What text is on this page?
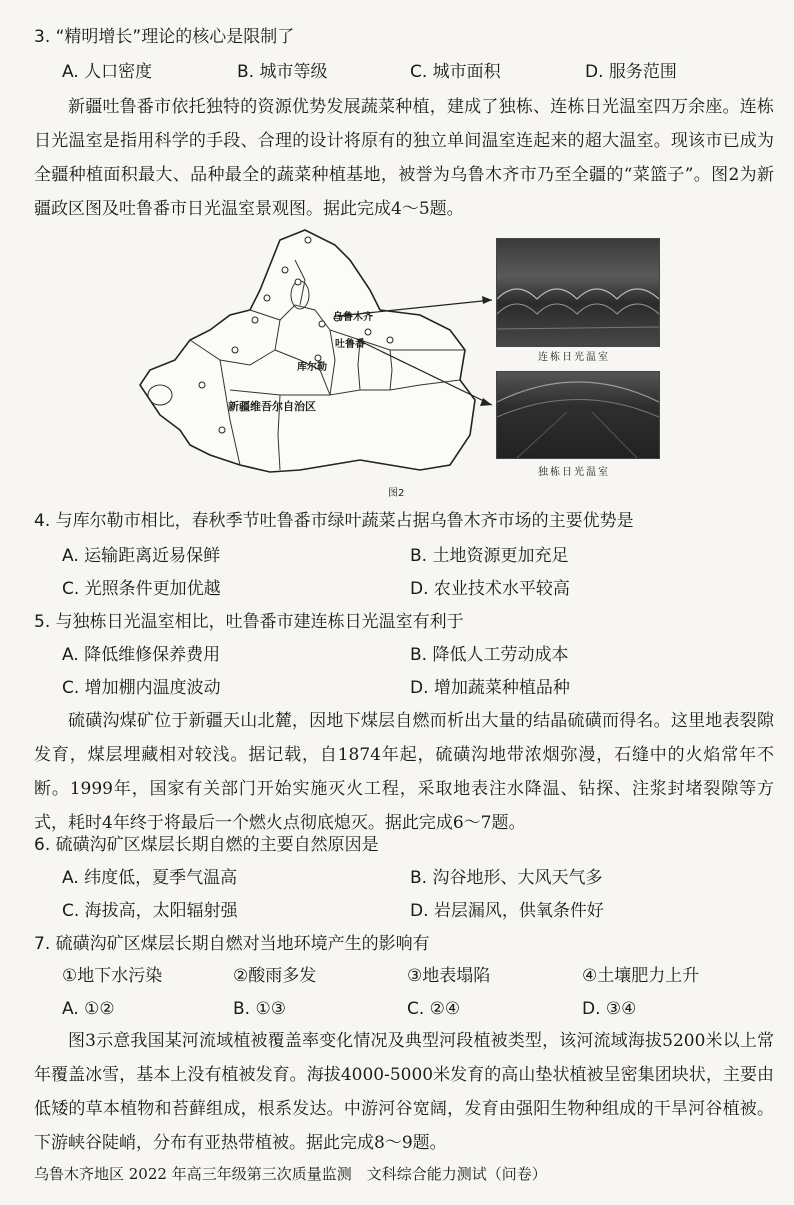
3. “精明增长”理论的核心是限制了
A. 人口密度	B. 城市等级	C. 城市面积	D. 服务范围
新疆吐鲁番市依托独特的资源优势发展蔬菜种植，建成了独栋、连栋日光温室四万余座。连栋日光温室是指用科学的手段、合理的设计将原有的独立单间温室连起来的超大温室。现该市已成为全疆种植面积最大、品种最全的蔬菜种植基地，被誉为乌鲁木齐市乃至全疆的“菜篮子”。图2为新疆政区图及吐鲁番市日光温室景观图。据此完成4～5题。
乌鲁木齐
吐鲁番
库尔勒
新疆维吾尔自治区
连栋日光温室
独栋日光温室
图2
4. 与库尔勒市相比，春秋季节吐鲁番市绿叶蔬菜占据乌鲁木齐市场的主要优势是
A. 运输距离近易保鲜	B. 土地资源更加充足
C. 光照条件更加优越	D. 农业技术水平较高
5. 与独栋日光温室相比，吐鲁番市建连栋日光温室有利于
A. 降低维修保养费用	B. 降低人工劳动成本
C. 增加棚内温度波动	D. 增加蔬菜种植品种
硫磺沟煤矿位于新疆天山北麓，因地下煤层自燃而析出大量的结晶硫磺而得名。这里地表裂隙发育，煤层埋藏相对较浅。据记载，自1874年起，硫磺沟地带浓烟弥漫，石缝中的火焰常年不断。1999年，国家有关部门开始实施灭火工程，采取地表注水降温、钻探、注浆封堵裂隙等方式，耗时4年终于将最后一个燃火点彻底熄灭。据此完成6～7题。
6. 硫磺沟矿区煤层长期自燃的主要自然原因是
A. 纬度低，夏季气温高	B. 沟谷地形、大风天气多
C. 海拔高，太阳辐射强	D. 岩层漏风，供氧条件好
7. 硫磺沟矿区煤层长期自燃对当地环境产生的影响有
①地下水污染	②酸雨多发	③地表塌陷	④土壤肥力上升
A. ①②	B. ①③	C. ②④	D. ③④
图3示意我国某河流域植被覆盖率变化情况及典型河段植被类型，该河流域海拔5200米以上常年覆盖冰雪，基本上没有植被发育。海拔4000-5000米发育的高山垫状植被呈密集团块状，主要由低矮的草本植物和苔藓组成，根系发达。中游河谷宽阔，发育由强阳生物种组成的干旱河谷植被。下游峡谷陡峭，分布有亚热带植被。据此完成8～9题。
乌鲁木齐地区 2022 年高三年级第三次质量监测　文科综合能力测试（问卷）
